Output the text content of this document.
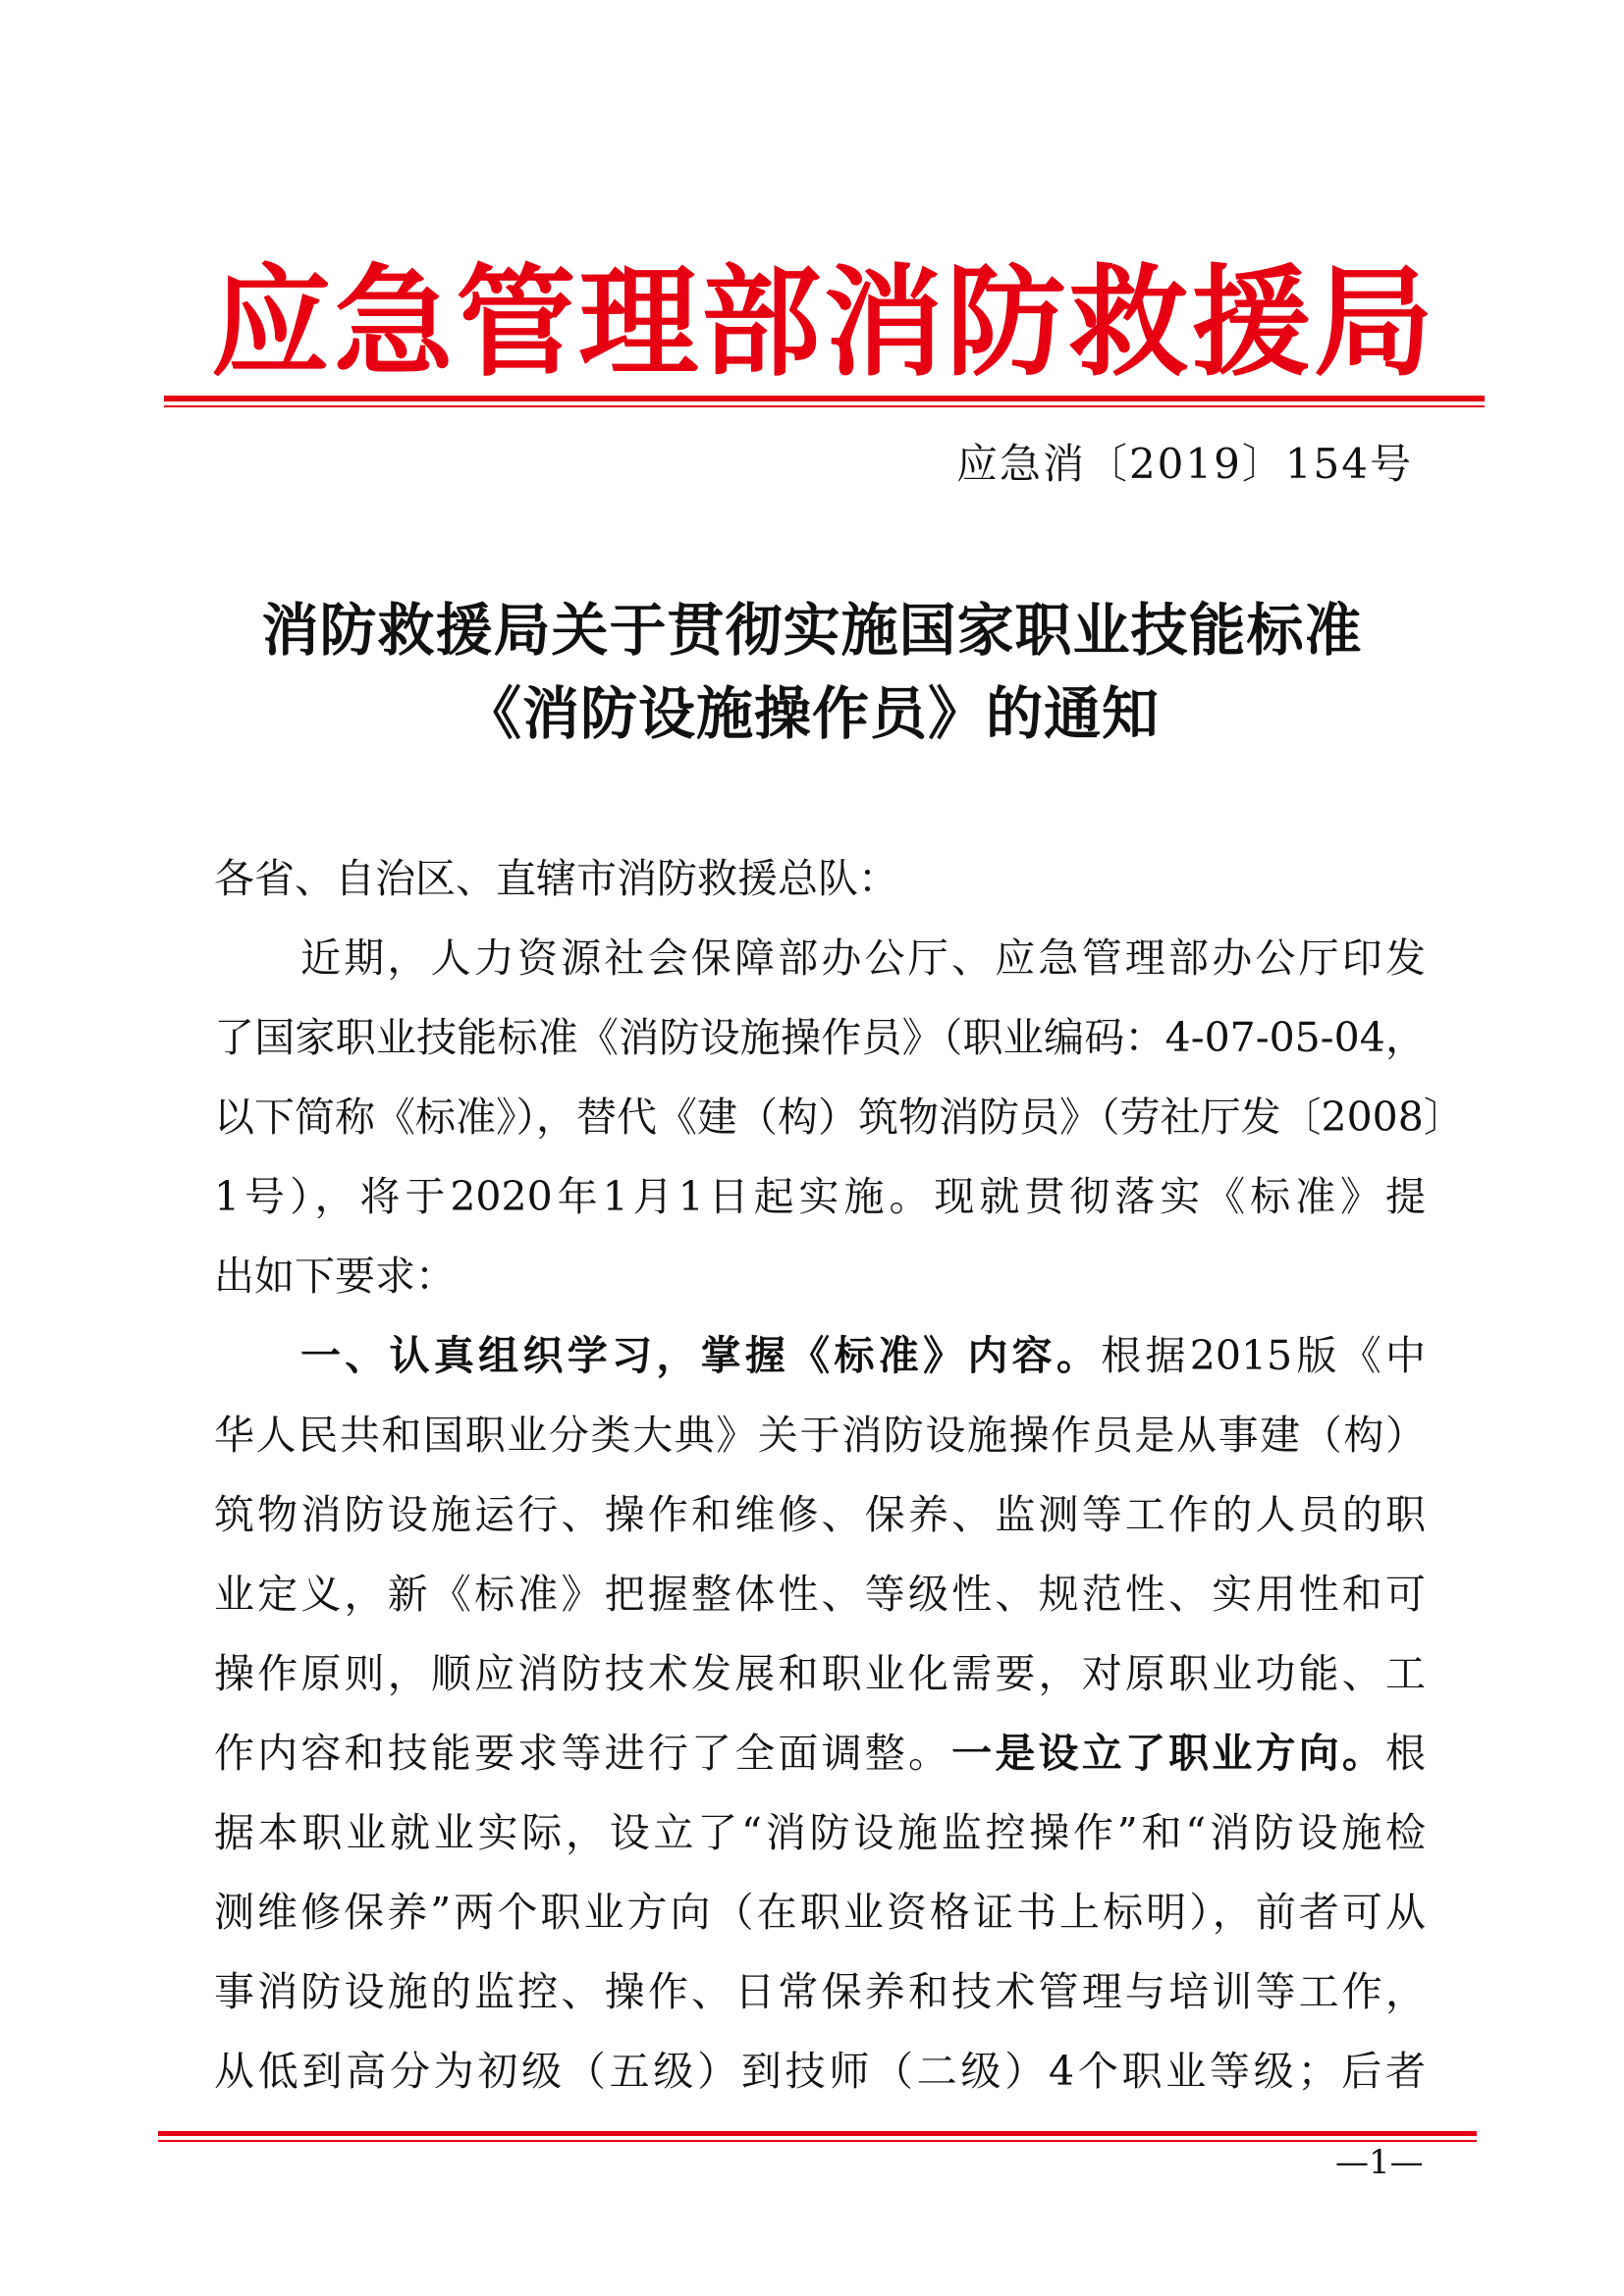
应 急 管 理 部 消 防 救 援 局
应急消〔2019〕154号
消防救援局关于贯彻实施国家职业技能标准
《消防设施操作员》的通知
各省、自治区、直辖市消防救援总队：
近期，人力资源社会保障部办公厅、应急管理部办公厅印发
了国家职业技能标准《消防设施操作员》（职业编码：4-07-05-04，
以下简称《标准》），替代《建（构）筑物消防员》（劳社厅发〔2008〕
1号），将于2020年1月1日起实施。现就贯彻落实《标准》提
出如下要求：
一、认真组织学习，掌握《标准》内容。根据2015版《中
华人民共和国职业分类大典》关于消防设施操作员是从事建（构）
筑物消防设施运行、操作和维修、保养、监测等工作的人员的职
业定义，新《标准》把握整体性、等级性、规范性、实用性和可
操作原则，顺应消防技术发展和职业化需要，对原职业功能、工
作内容和技能要求等进行了全面调整。一是设立了职业方向。根
据本职业就业实际，设立了“消防设施监控操作”和“消防设施检
测维修保养”两个职业方向（在职业资格证书上标明），前者可从
事消防设施的监控、操作、日常保养和技术管理与培训等工作，
从低到高分为初级（五级）到技师（二级）4个职业等级；后者
—1—
